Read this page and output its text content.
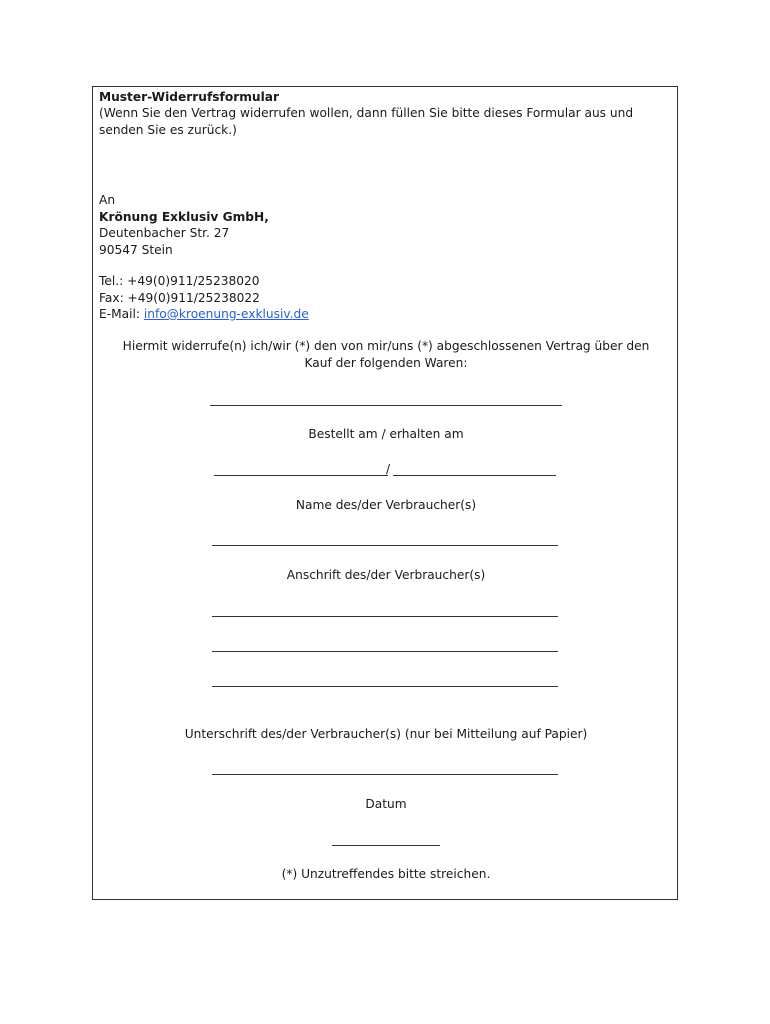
Muster-Widerrufsformular
(Wenn Sie den Vertrag widerrufen wollen, dann füllen Sie bitte dieses Formular aus und senden Sie es zurück.)
An
Krönung Exklusiv GmbH,
Deutenbacher Str. 27
90547 Stein
Tel.: +49(0)911/25238020
Fax: +49(0)911/25238022
E-Mail: info@kroenung-exklusiv.de
Hiermit widerrufe(n) ich/wir (*) den von mir/uns (*) abgeschlossenen Vertrag über den Kauf der folgenden Waren:
Bestellt am / erhalten am
/
Name des/der Verbraucher(s)
Anschrift des/der Verbraucher(s)
Unterschrift des/der Verbraucher(s) (nur bei Mitteilung auf Papier)
Datum
(*) Unzutreffendes bitte streichen.
